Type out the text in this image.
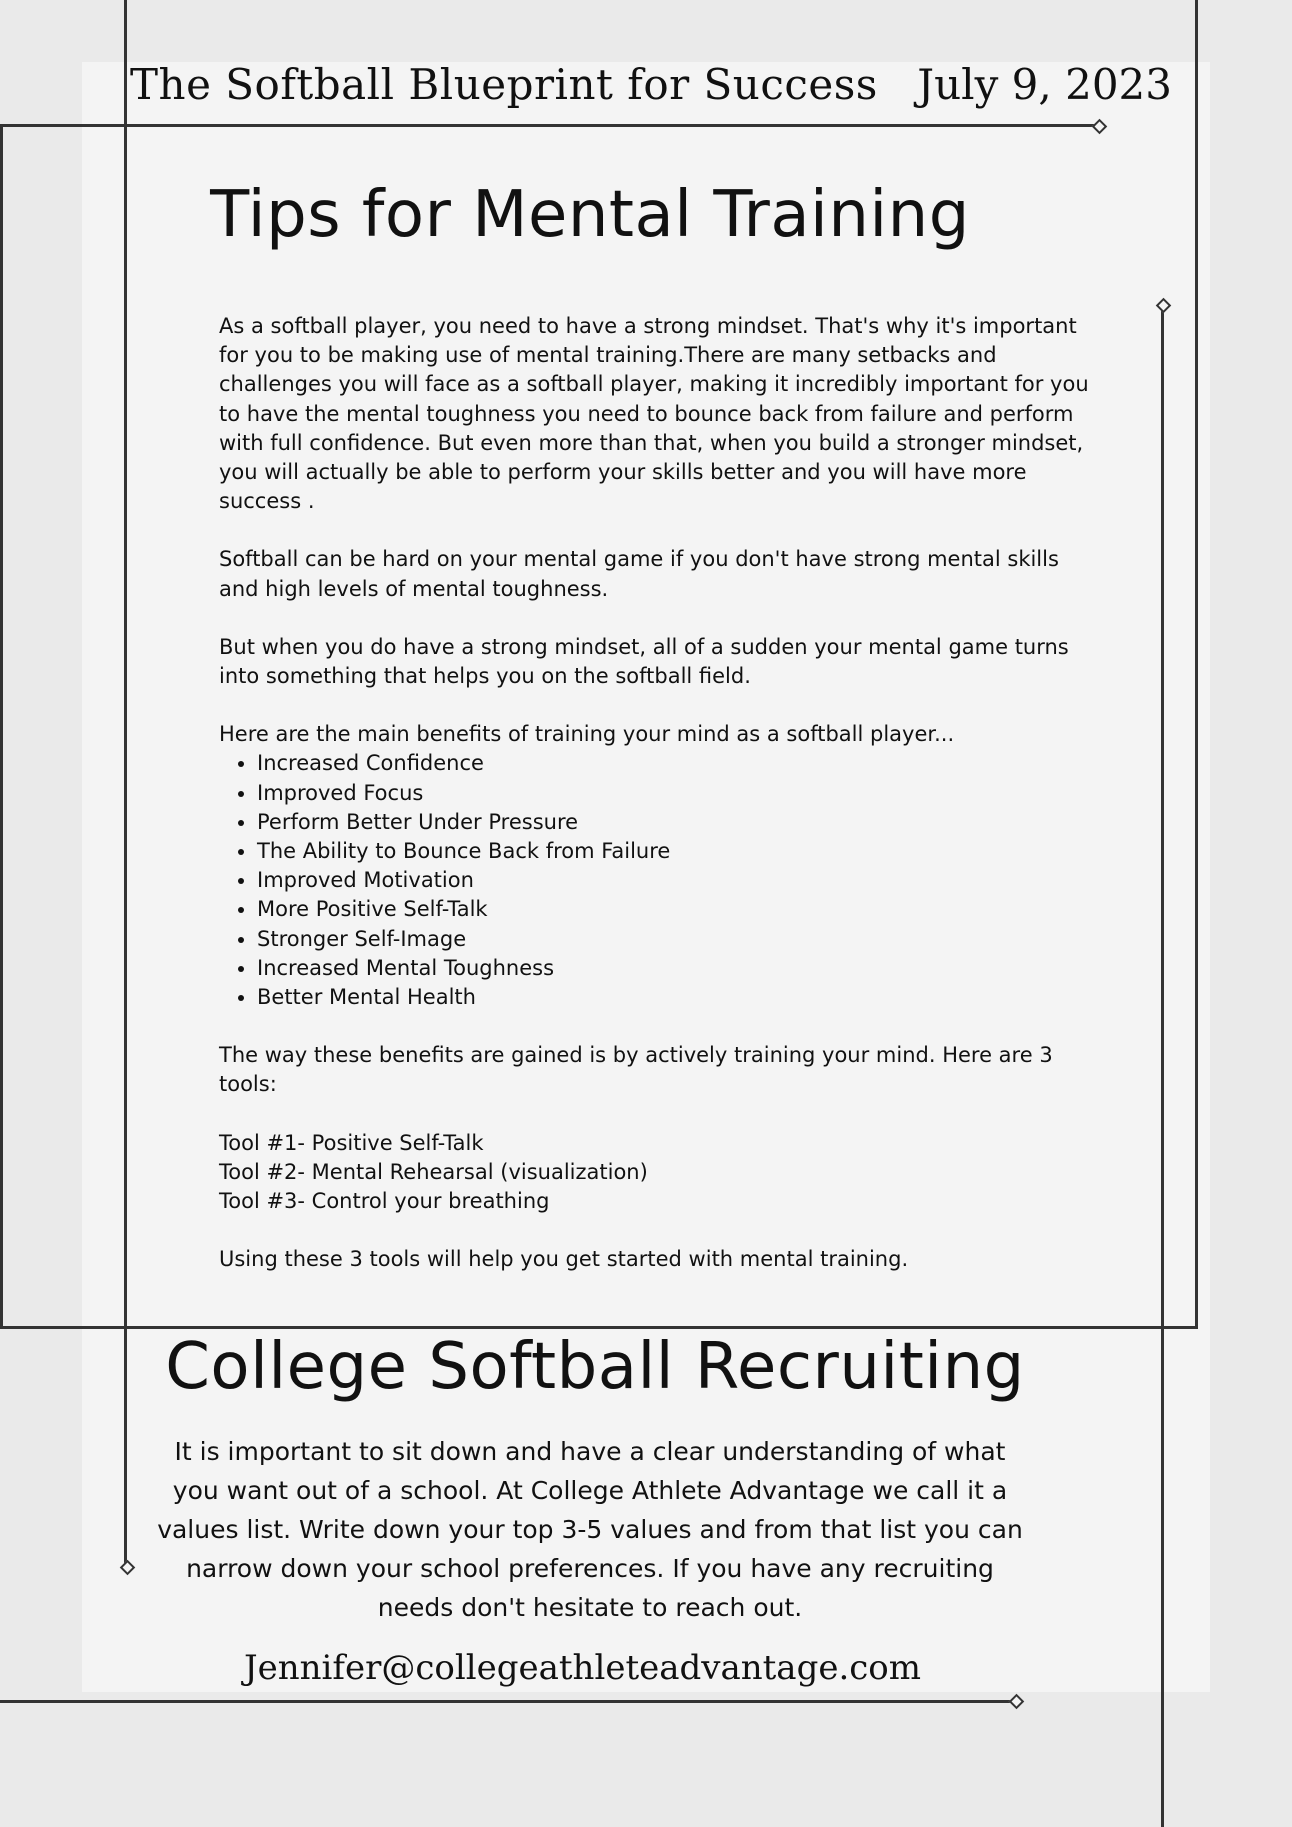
The Softball Blueprint for Success July 9, 2023
Tips for Mental Training

As a softball player, you need to have a strong mindset. That's why it's important for you to be making use of mental training.There are many setbacks and challenges you will face as a softball player, making it incredibly important for you to have the mental toughness you need to bounce back from failure and perform with full confidence. But even more than that, when you build a stronger mindset, you will actually be able to perform your skills better and you will have more success .

Softball can be hard on your mental game if you don't have strong mental skills and high levels of mental toughness.

But when you do have a strong mindset, all of a sudden your mental game turns into something that helps you on the softball field.

Here are the main benefits of training your mind as a softball player...

• Increased Confidence
• Improved Focus
• Perform Better Under Pressure
• The Ability to Bounce Back from Failure
• Improved Motivation
• More Positive Self-Talk
• Stronger Self-Image
• Increased Mental Toughness
• Better Mental Health

The way these benefits are gained is by actively training your mind. Here are 3 tools:

Tool #1- Positive Self-Talk

Tool #2- Mental Rehearsal (visualization)

Tool #3- Control your breathing

Using these 3 tools will help you get started with mental training.

College Softball Recruiting

It is important to sit down and have a clear understanding of what you want out of a school. At College Athlete Advantage we call it a values list. Write down your top 3-5 values and from that list you can narrow down your school preferences. If you have any recruiting needs don't hesitate to reach out.

Jennifer@collegeathleteadvantage.com
